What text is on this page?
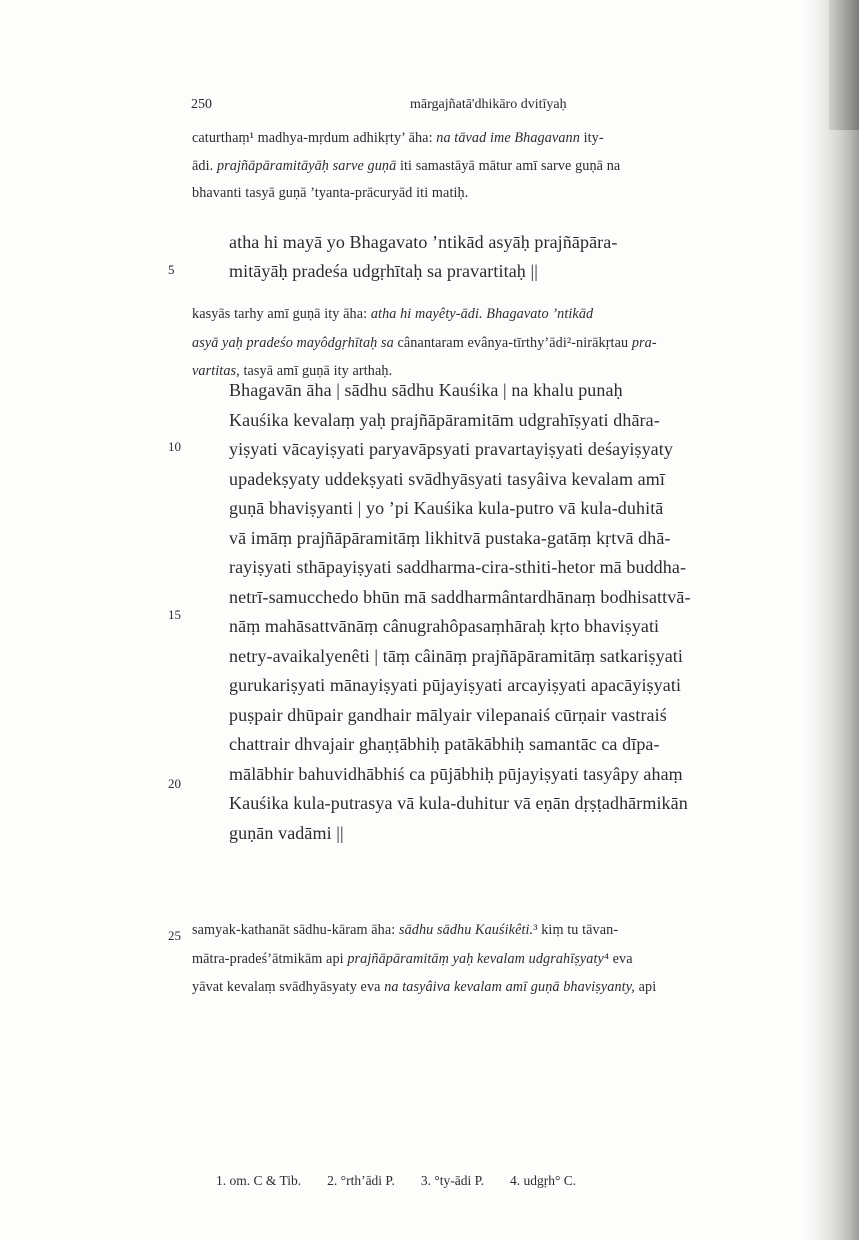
250	mārgajñatā'dhikāro dvitīyaḥ
5
10
15
20
25
caturthaṃ¹ madhya-mṛdum adhikṛty’ āha: na tāvad ime Bhagavann ity-
ādi. prajñāpāramitāyāḥ sarve guṇā iti samastāyā mātur amī sarve guṇā na
bhavanti tasyā guṇā ’tyanta-prācuryād iti matiḥ.
atha hi mayā yo Bhagavato ’ntikād asyāḥ prajñāpāra-
mitāyāḥ pradeśa udgṛhītaḥ sa pravartitaḥ ||
kasyās tarhy amī guṇā ity āha: atha hi mayêty-ādi. Bhagavato ’ntikād
asyā yaḥ pradeśo mayôdgṛhītaḥ sa cânantaram evânya-tīrthy’ādi²-nirākṛtau pra-
vartitas, tasyā amī guṇā ity arthaḥ.
Bhagavān āha | sādhu sādhu Kauśika | na khalu punaḥ
Kauśika kevalaṃ yaḥ prajñāpāramitām udgrahīṣyati dhāra-
yiṣyati vācayiṣyati paryavāpsyati pravartayiṣyati deśayiṣyaty
upadekṣyaty uddekṣyati svādhyāsyati tasyâiva kevalam amī
guṇā bhaviṣyanti | yo ’pi Kauśika kula-putro vā kula-duhitā
vā imāṃ prajñāpāramitāṃ likhitvā pustaka-gatāṃ kṛtvā dhā-
rayiṣyati sthāpayiṣyati saddharma-cira-sthiti-hetor mā buddha-
netrī-samucchedo bhūn mā saddharmântardhānaṃ bodhisattvā-
nāṃ mahāsattvānāṃ cânugrahôpasaṃhāraḥ kṛto bhaviṣyati
netry-avaikalyenêti | tāṃ câināṃ prajñāpāramitāṃ satkariṣyati
gurukariṣyati mānayiṣyati pūjayiṣyati arcayiṣyati apacāyiṣyati
puṣpair dhūpair gandhair mālyair vilepanaiś cūrṇair vastraiś
chattrair dhvajair ghaṇṭābhiḥ patākābhiḥ samantāc ca dīpa-
mālābhir bahuvidhābhiś ca pūjābhiḥ pūjayiṣyati tasyâpy ahaṃ
Kauśika kula-putrasya vā kula-duhitur vā eṇān dṛṣṭadhārmikān
guṇān vadāmi ||
samyak-kathanāt sādhu-kāram āha: sādhu sādhu Kauśikêti.³ kiṃ tu tāvan-
mātra-pradeś’ātmikām api prajñāpāramitāṃ yaḥ kevalam udgrahīṣyaty⁴ eva
yāvat kevalaṃ svādhyāsyaty eva na tasyâiva kevalam amī guṇā bhaviṣyanty, api
1. om. C & Tib. 2. °rth’ādi P. 3. °ty-ādi P. 4. udgṛh° C.
